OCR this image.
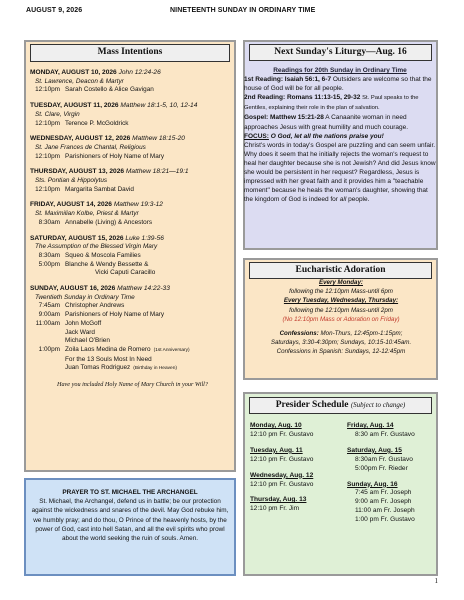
AUGUST 9, 2026	NINETEENTH SUNDAY IN ORDINARY TIME
Mass Intentions
MONDAY, AUGUST 10, 2026 John 12:24-26
St. Lawrence, Deacon & Martyr
12:10pm Sarah Costello & Alice Gavigan
TUESDAY, AUGUST 11, 2026 Matthew 18:1-5, 10, 12-14
St. Clare, Virgin
12:10pm Terence P. McGoldrick
WEDNESDAY, AUGUST 12, 2026 Matthew 18:15-20
St. Jane Frances de Chantal, Religious
12:10pm Parishioners of Holy Name of Mary
THURSDAY, AUGUST 13, 2026 Matthew 18:21—19:1
Sts. Pontian & Hippolytus
12:10pm Margarita Sambat David
FRIDAY, AUGUST 14, 2026 Matthew 19:3-12
St. Maximilian Kolbe, Priest & Martyr
8:30am Annabelle (Living) & Ancestors
SATURDAY, AUGUST 15, 2026 Luke 1:39-56
The Assumption of the Blessed Virgin Mary
8:30am Squeo & Moscola Families
5:00pm Blanche & Wendy Bessette &
Vicki Caputi Caracillo
SUNDAY, AUGUST 16, 2026 Matthew 14:22-33
Twentieth Sunday in Ordinary Time
7:45am Christopher Andrews
9:00am Parishioners of Holy Name of Mary
11:00am John McGoff
Jack Ward
Michael O'Brien
1:00pm Zoila Laos Medina de Romero (1st Anniversary)
For the 13 Souls Most In Need
Juan Tomas Rodriguez (Birthday in Heaven)
Have you included Holy Name of Mary Church in your Will?
PRAYER TO ST. MICHAEL THE ARCHANGEL
St. Michael, the Archangel, defend us in battle; be our protection against the wickedness and snares of the devil. May God rebuke him, we humbly pray; and do thou, O Prince of the heavenly hosts, by the power of God, cast into hell Satan, and all the evil spirits who prowl about the world seeking the ruin of souls. Amen.
Next Sunday's Liturgy—Aug. 16
Readings for 20th Sunday in Ordinary Time
1st Reading: Isaiah 56:1, 6-7 Outsiders are welcome so that the house of God will be for all people.
2nd Reading: Romans 11:13-15, 29-32 St. Paul speaks to the Gentiles, explaining their role in the plan of salvation.
Gospel: Matthew 15:21-28 A Canaanite woman in need approaches Jesus with great humility and much courage.
FOCUS: O God, let all the nations praise you!
Christ's words in today's Gospel are puzzling and can seem unfair. Why does it seem that he initially rejects the woman's request to heal her daughter because she is not Jewish? And did Jesus know she would be persistent in her request? Regardless, Jesus is impressed with her great faith and it provides him a "teachable moment" because he heals the woman's daughter, showing that the kingdom of God is indeed for all people.
Eucharistic Adoration
Every Monday:
following the 12:10pm Mass-until 6pm
Every Tuesday, Wednesday, Thursday:
following the 12:10pm Mass-until 2pm
(No 12:10pm Mass or Adoration on Friday)
Confessions: Mon-Thurs, 12:45pm-1:15pm;
Saturdays, 3:30-4:30pm; Sundays, 10:15-10:45am.
Confessions in Spanish: Sundays, 12-12:45pm
Presider Schedule (Subject to change)
Monday, Aug. 10
12:10 pm Fr. Gustavo
Tuesday, Aug. 11
12:10 pm Fr. Gustavo
Wednesday, Aug. 12
12:10 pm Fr. Gustavo
Thursday, Aug. 13
12:10 pm Fr. Jim
Friday, Aug. 14
8:30 am Fr. Gustavo
Saturday, Aug. 15
8:30am Fr. Gustavo
5:00pm Fr. Rieder
Sunday, Aug. 16
7:45 am Fr. Joseph
9:00 am Fr. Joseph
11:00 am Fr. Joseph
1:00 pm Fr. Gustavo
1
